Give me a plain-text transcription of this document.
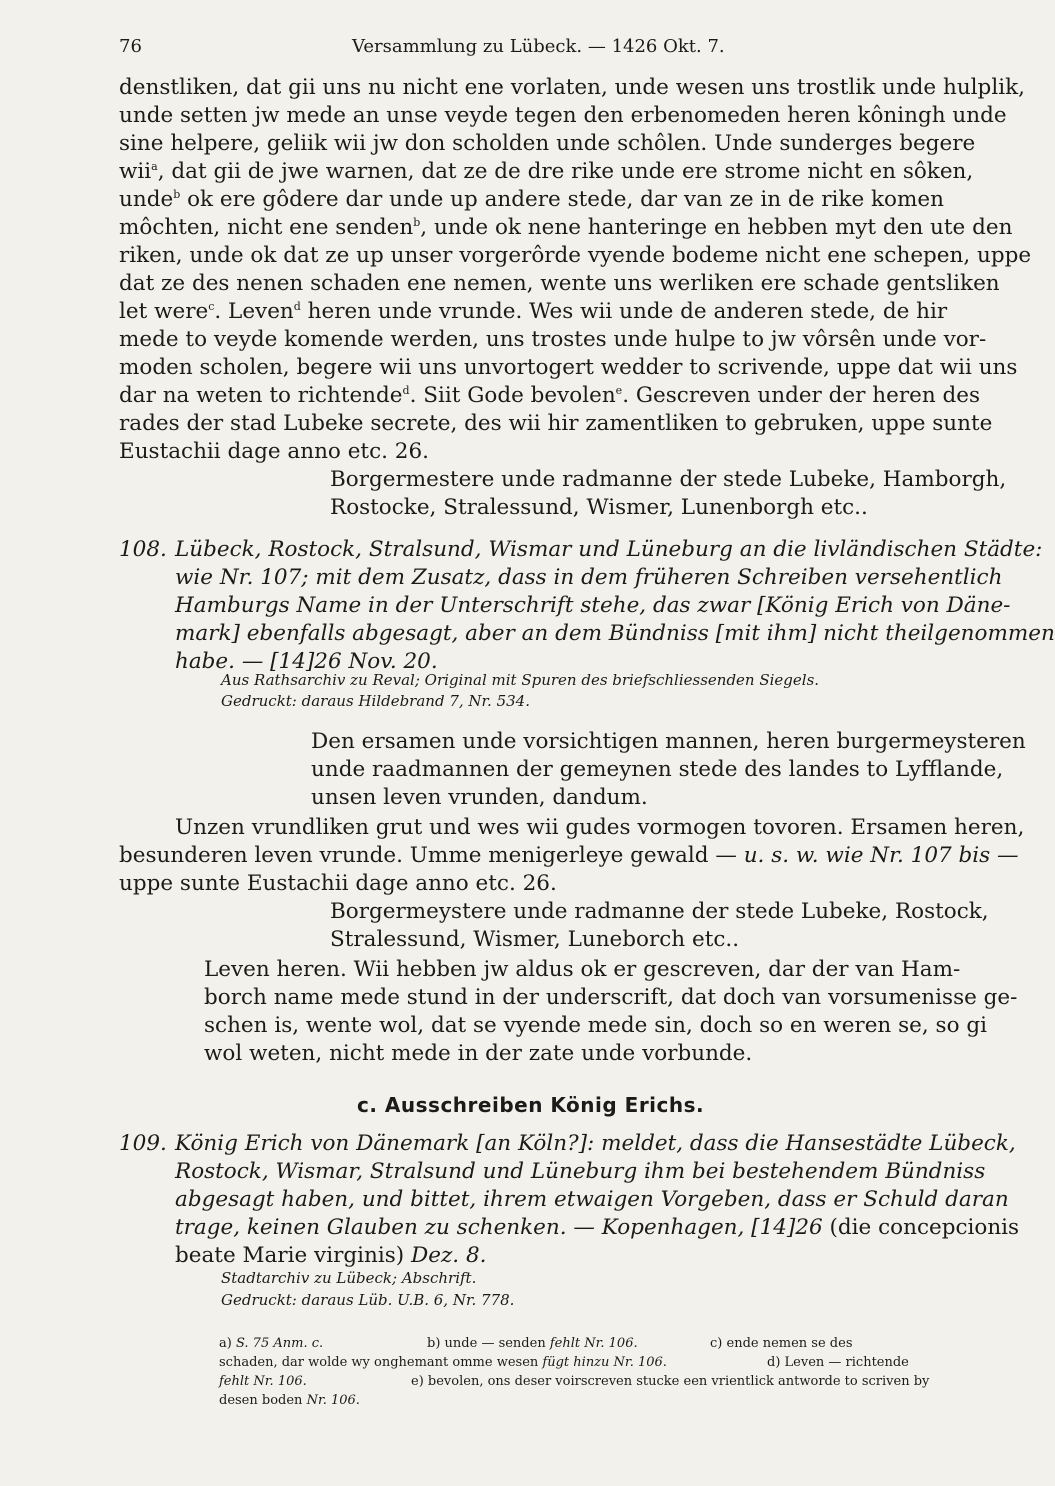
76	Versammlung zu Lübeck. — 1426 Okt. 7.
denstliken, dat gii uns nu nicht ene vorlaten, unde wesen uns trostlik unde hulplik,
unde setten jw mede an unse veyde tegen den erbenomeden heren kôningh unde
sine helpere, geliik wii jw don scholden unde schôlen. Unde sunderges begere
wii$^a$, dat gii de jwe warnen, dat ze de dre rike unde ere strome nicht en sôken,
unde$^b$ ok ere gôdere dar unde up andere stede, dar van ze in de rike komen
môchten, nicht ene senden$^b$, unde ok nene hanteringe en hebben myt den ute den
riken, unde ok dat ze up unser vorgerôrde vyende bodeme nicht ene schepen, uppe
dat ze des nenen schaden ene nemen, wente uns werliken ere schade gentsliken
let were$^c$. Leven$^d$ heren unde vrunde. Wes wii unde de anderen stede, de hir
mede to veyde komende werden, uns trostes unde hulpe to jw vôrsên unde vor-
moden scholen, begere wii uns unvortogert wedder to scrivende, uppe dat wii uns
dar na weten to richtende$^d$. Siit Gode bevolen$^e$. Gescreven under der heren des
rades der stad Lubeke secrete, des wii hir zamentliken to gebruken, uppe sunte
Eustachii dage anno etc. 26.
Borgermestere unde radmanne der stede Lubeke, Hamborgh,
Rostocke, Stralessund, Wismer, Lunenborgh etc..
108. Lübeck, Rostock, Stralsund, Wismar und Lüneburg an die livländischen Städte:
wie Nr. 107; mit dem Zusatz, dass in dem früheren Schreiben versehentlich
Hamburgs Name in der Unterschrift stehe, das zwar [König Erich von Däne-
mark] ebenfalls abgesagt, aber an dem Bündniss [mit ihm] nicht theilgenommen
habe. — [14]26 Nov. 20.
Aus Rathsarchiv zu Reval; Original mit Spuren des briefschliessenden Siegels.
Gedruckt: daraus Hildebrand 7, Nr. 534.
Den ersamen unde vorsichtigen mannen, heren burgermeysteren
unde raadmannen der gemeynen stede des landes to Lyfflande,
unsen leven vrunden, dandum.
Unzen vrundliken grut und wes wii gudes vormogen tovoren. Ersamen heren,
besunderen leven vrunde. Umme menigerleye gewald — u. s. w. wie Nr. 107 bis —
uppe sunte Eustachii dage anno etc. 26.
Borgermeystere unde radmanne der stede Lubeke, Rostock,
Stralessund, Wismer, Luneborch etc..
Leven heren. Wii hebben jw aldus ok er gescreven, dar der van Ham-
borch name mede stund in der underscrift, dat doch van vorsumenisse ge-
schen is, wente wol, dat se vyende mede sin, doch so en weren se, so gi
wol weten, nicht mede in der zate unde vorbunde.
c. Ausschreiben König Erichs.
109. König Erich von Dänemark [an Köln?]: meldet, dass die Hansestädte Lübeck,
Rostock, Wismar, Stralsund und Lüneburg ihm bei bestehendem Bündniss
abgesagt haben, und bittet, ihrem etwaigen Vorgeben, dass er Schuld daran
trage, keinen Glauben zu schenken. — Kopenhagen, [14]26 (die concepcionis
beate Marie virginis) Dez. 8.
Stadtarchiv zu Lübeck; Abschrift.
Gedruckt: daraus Lüb. U.B. 6, Nr. 778.
a) S. 75 Anm. c.	b) unde — senden fehlt Nr. 106.	c) ende nemen se des
schaden, dar wolde wy onghemant omme wesen fügt hinzu Nr. 106.	d) Leven — richtende
fehlt Nr. 106.	e) bevolen, ons deser voirscreven stucke een vrientlick antworde to scriven by
desen boden Nr. 106.
